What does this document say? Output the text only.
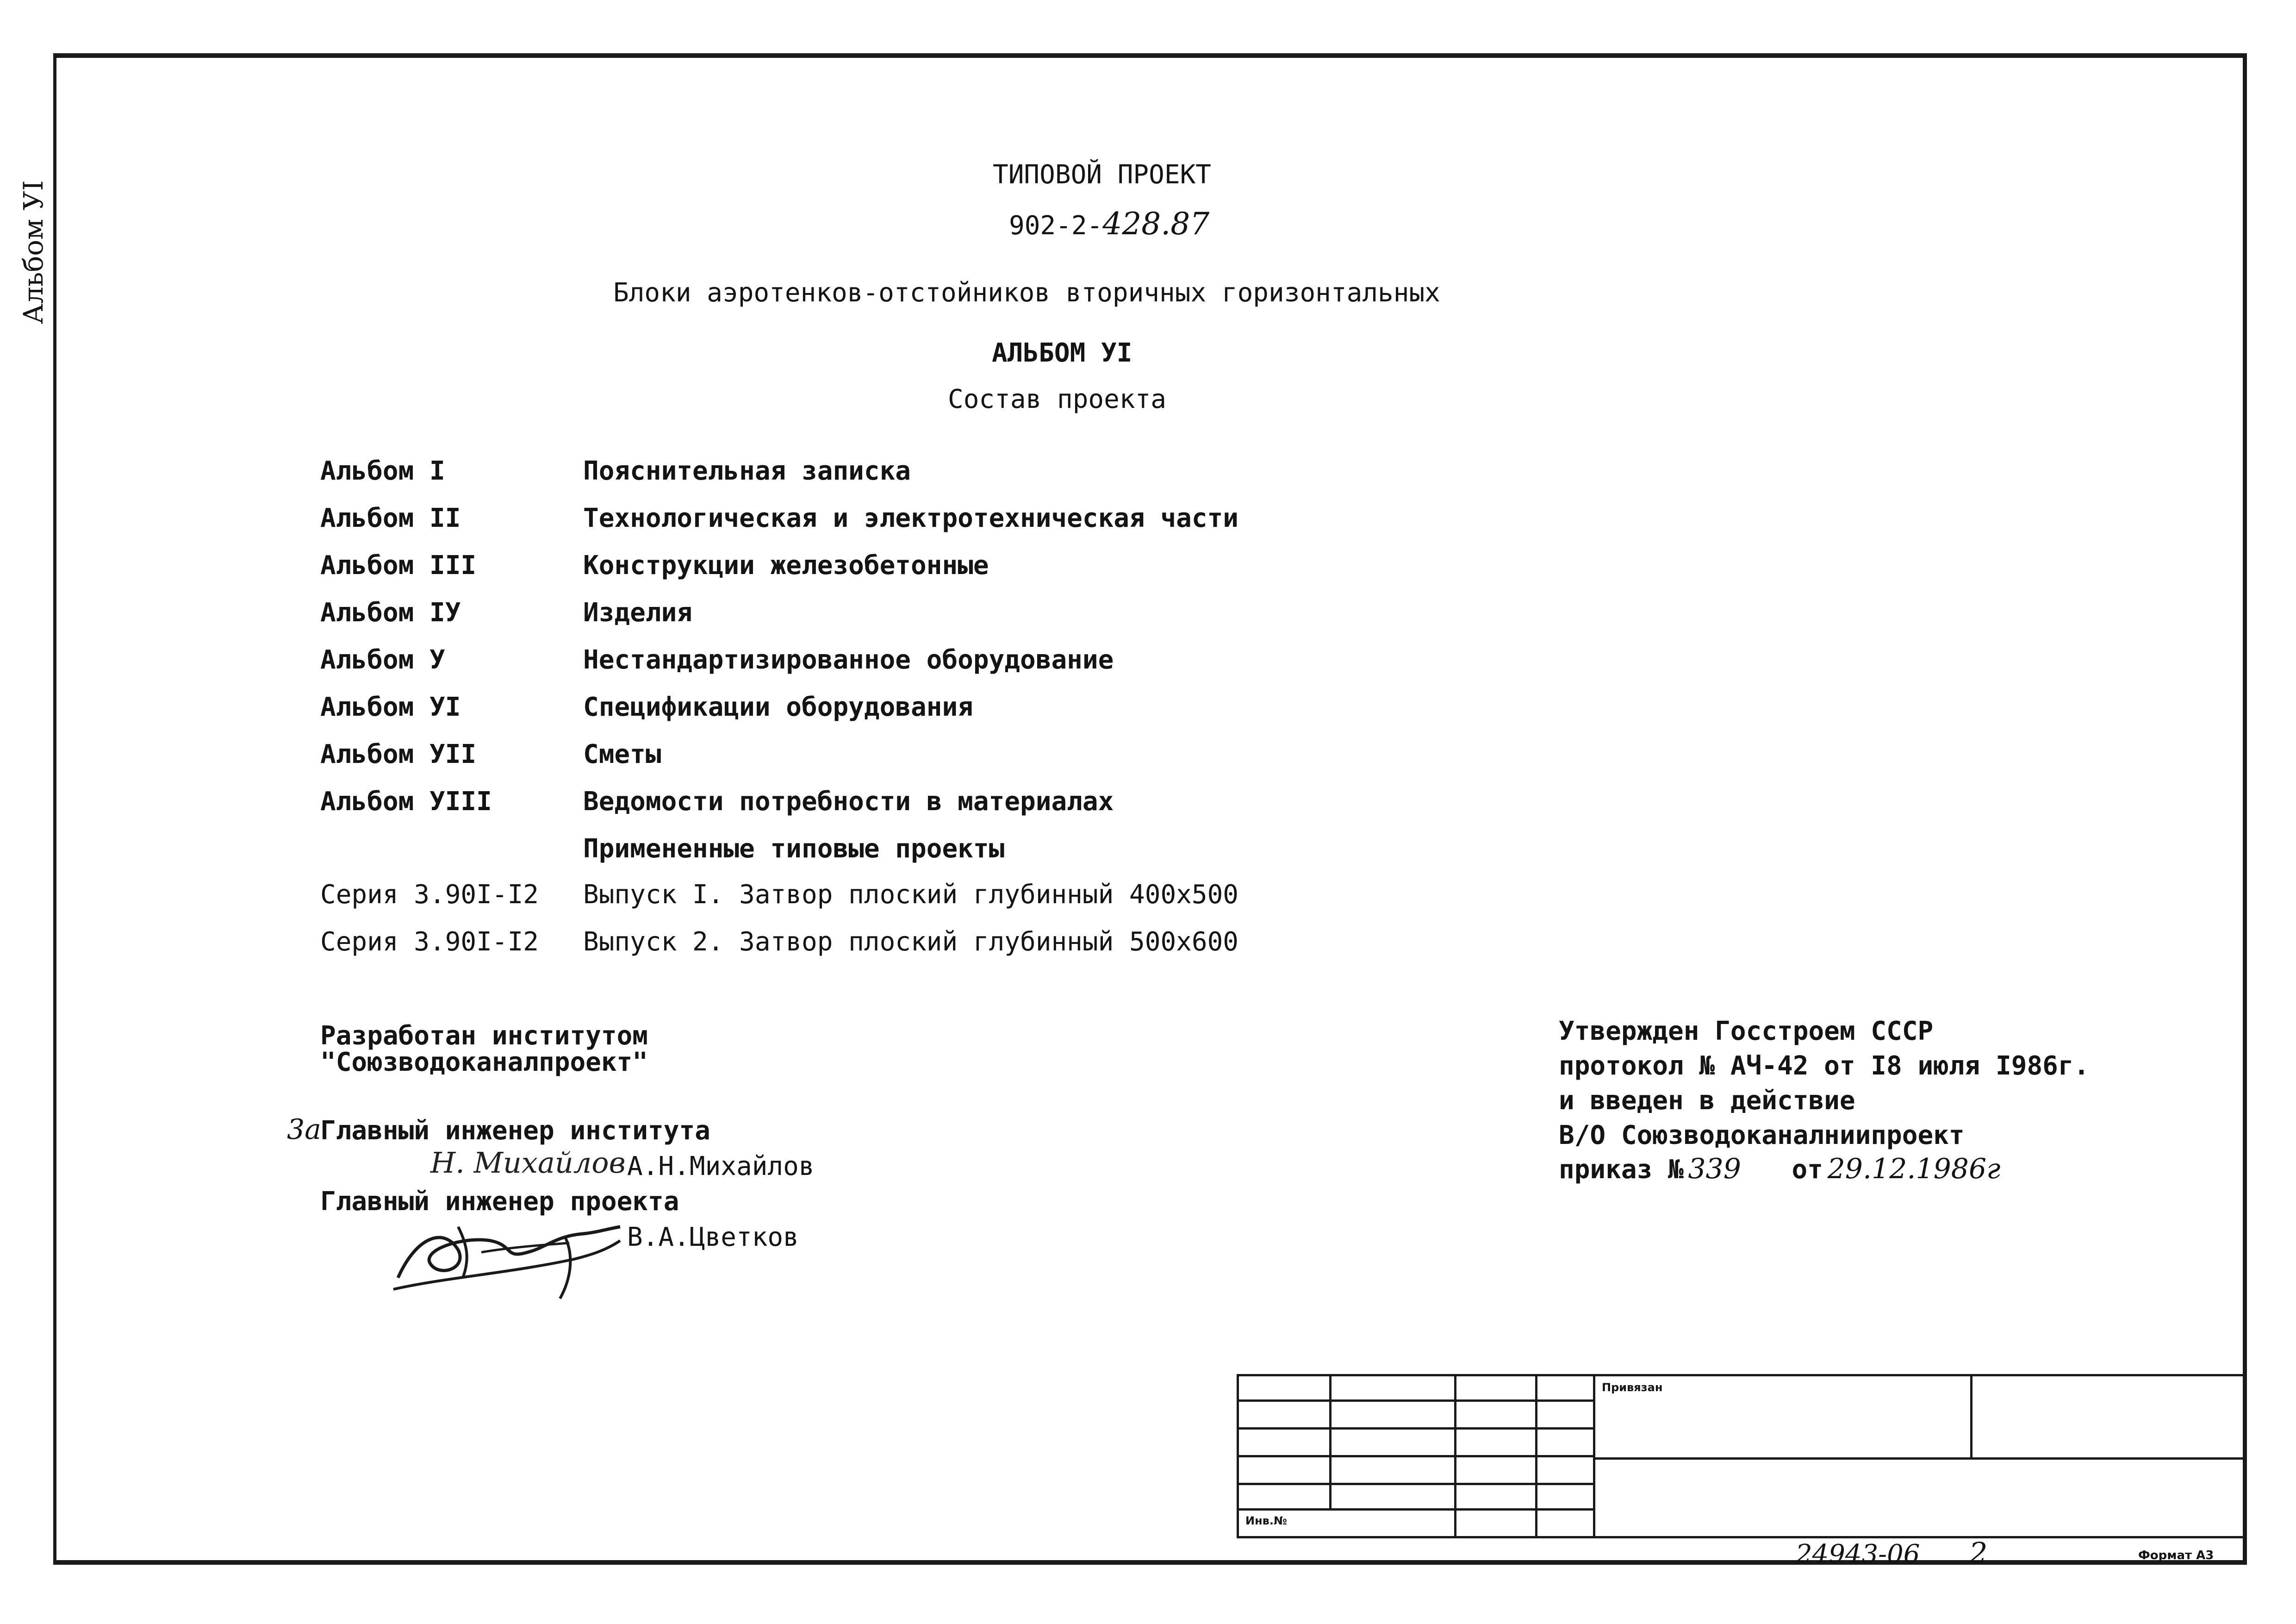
Альбом УI
ТИПОВОЙ ПРОЕКТ
902-2-428.87
Блоки аэротенков-отстойников вторичных горизонтальных
АЛЬБОМ УI
Состав проекта
Альбом I	Пояснительная записка
Альбом II	Технологическая и электротехническая части
Альбом III	Конструкции железобетонные
Альбом IУ	Изделия
Альбом У	Нестандартизированное оборудование
Альбом УI	Спецификации оборудования
Альбом УII	Сметы
Альбом УIII	Ведомости потребности в материалах
Примененные типовые проекты
Серия 3.90I-I2 Выпуск I. Затвор плоский глубинный 400x500
Серия 3.90I-I2 Выпуск 2. Затвор плоский глубинный 500x600
Разработан институтом
"Союзводоканалпроект"
3а
Главный инженер института
Н. Михайлов А.Н.Михайлов
Главный инженер проекта
В.А.Цветков
Утвержден Госстроем СССР
протокол № АЧ-42 от I8 июля I986г.
и введен в действие
В/О Союзводоканалниипроект
приказ № 339 от 29.12.1986г
Инв.№
Привязан
24943-06 2	Формат А3
